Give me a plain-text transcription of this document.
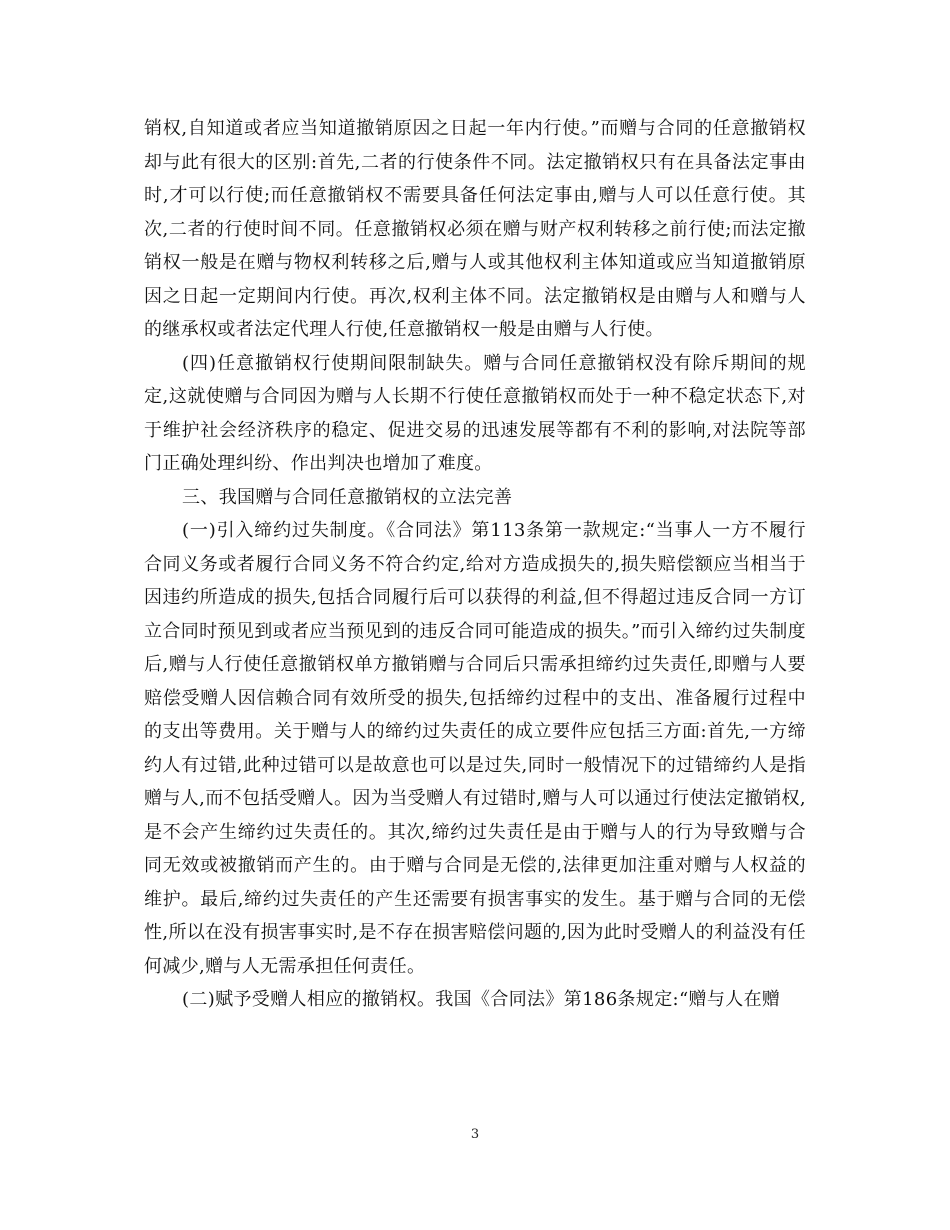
销权,自知道或者应当知道撤销原因之日起一年内行使。”而赠与合同的任意撤销权却与此有很大的区别:首先,二者的行使条件不同。法定撤销权只有在具备法定事由时,才可以行使;而任意撤销权不需要具备任何法定事由,赠与人可以任意行使。其次,二者的行使时间不同。任意撤销权必须在赠与财产权利转移之前行使;而法定撤销权一般是在赠与物权利转移之后,赠与人或其他权利主体知道或应当知道撤销原因之日起一定期间内行使。再次,权利主体不同。法定撤销权是由赠与人和赠与人的继承权或者法定代理人行使,任意撤销权一般是由赠与人行使。

(四)任意撤销权行使期间限制缺失。赠与合同任意撤销权没有除斥期间的规定,这就使赠与合同因为赠与人长期不行使任意撤销权而处于一种不稳定状态下,对于维护社会经济秩序的稳定、促进交易的迅速发展等都有不利的影响,对法院等部门正确处理纠纷、作出判决也增加了难度。

三、我国赠与合同任意撤销权的立法完善

(一)引入缔约过失制度。《合同法》第113条第一款规定:“当事人一方不履行合同义务或者履行合同义务不符合约定,给对方造成损失的,损失赔偿额应当相当于因违约所造成的损失,包括合同履行后可以获得的利益,但不得超过违反合同一方订立合同时预见到或者应当预见到的违反合同可能造成的损失。”而引入缔约过失制度后,赠与人行使任意撤销权单方撤销赠与合同后只需承担缔约过失责任,即赠与人要赔偿受赠人因信赖合同有效所受的损失,包括缔约过程中的支出、准备履行过程中的支出等费用。关于赠与人的缔约过失责任的成立要件应包括三方面:首先,一方缔约人有过错,此种过错可以是故意也可以是过失,同时一般情况下的过错缔约人是指赠与人,而不包括受赠人。因为当受赠人有过错时,赠与人可以通过行使法定撤销权,是不会产生缔约过失责任的。其次,缔约过失责任是由于赠与人的行为导致赠与合同无效或被撤销而产生的。由于赠与合同是无偿的,法律更加注重对赠与人权益的维护。最后,缔约过失责任的产生还需要有损害事实的发生。基于赠与合同的无偿性,所以在没有损害事实时,是不存在损害赔偿问题的,因为此时受赠人的利益没有任何减少,赠与人无需承担任何责任。

(二)赋予受赠人相应的撤销权。我国《合同法》第186条规定:“赠与人在赠

3
